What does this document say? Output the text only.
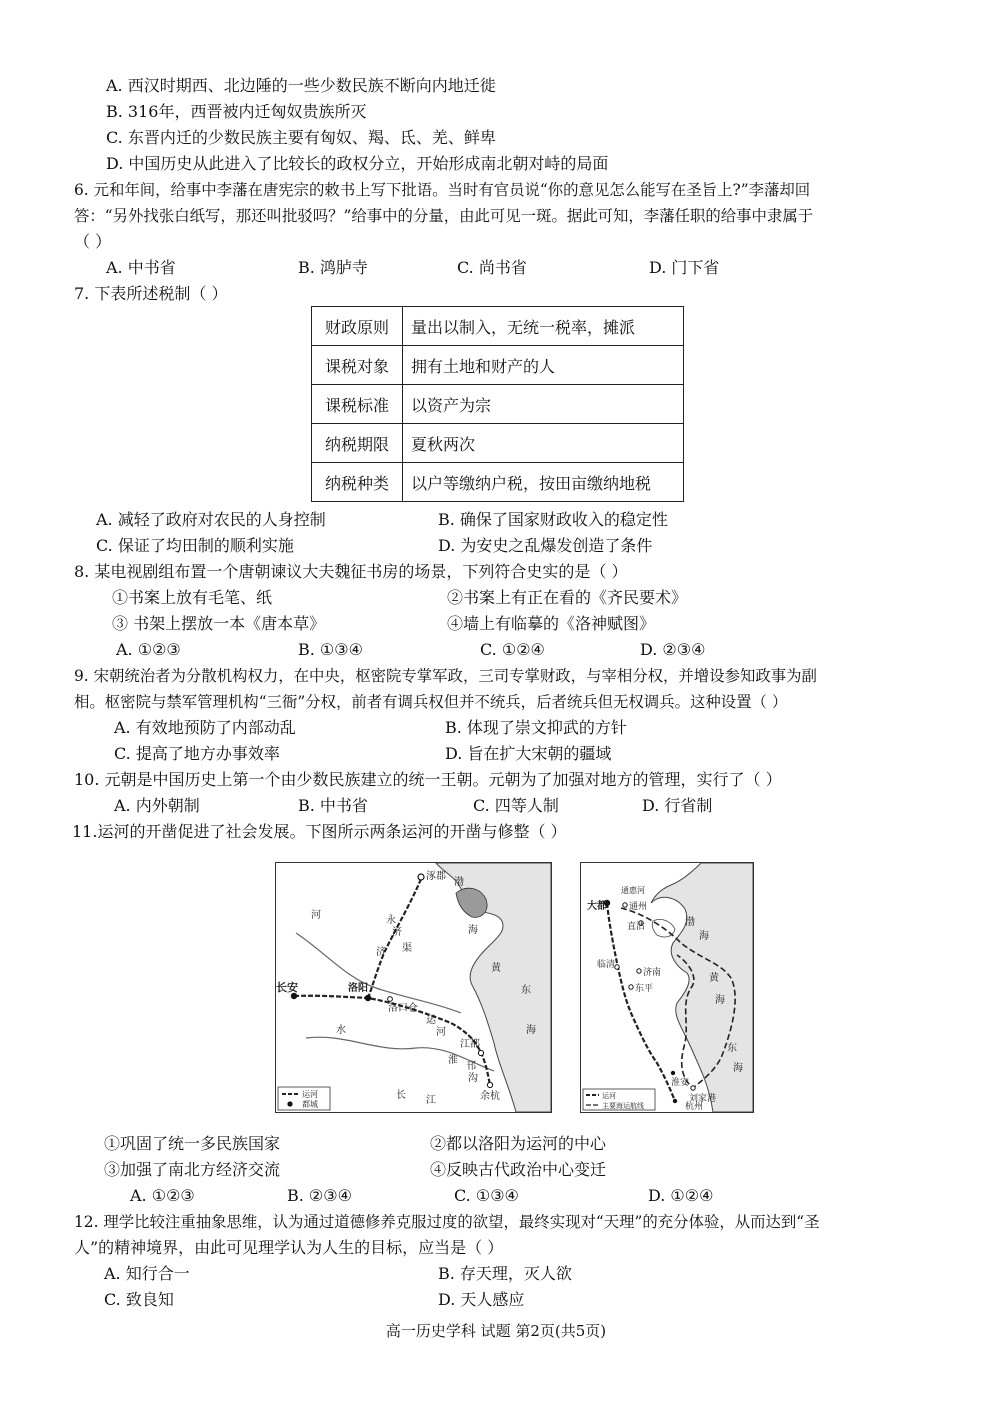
A. 西汉时期西、北边陲的一些少数民族不断向内地迁徙
B. 316年，西晋被内迁匈奴贵族所灭
C. 东晋内迁的少数民族主要有匈奴、羯、氐、羌、鲜卑
D. 中国历史从此进入了比较长的政权分立，开始形成南北朝对峙的局面
6. 元和年间，给事中李藩在唐宪宗的敕书上写下批语。当时有官员说“你的意见怎么能写在圣旨上?”李藩却回
答：“另外找张白纸写，那还叫批驳吗？”给事中的分量，由此可见一斑。据此可知，李藩任职的给事中隶属于
（ ）
A. 中书省	B. 鸿胪寺	C. 尚书省	D. 门下省
7. 下表所述税制（ ）
财政原则	量出以制入，无统一税率，摊派
课税对象	拥有土地和财产的人
课税标准	以资产为宗
纳税期限	夏秋两次
纳税种类	以户等缴纳户税，按田亩缴纳地税
A. 减轻了政府对农民的人身控制	B. 确保了国家财政收入的稳定性
C. 保证了均田制的顺利实施	D. 为安史之乱爆发创造了条件
8. 某电视剧组布置一个唐朝谏议大夫魏征书房的场景，下列符合史实的是（ ）
①书案上放有毛笔、纸	②书案上有正在看的《齐民要术》
③ 书架上摆放一本《唐本草》	④墙上有临摹的《洛神赋图》
A. ①②③	B. ①③④	C. ①②④	D. ②③④
9. 宋朝统治者为分散机构权力，在中央，枢密院专掌军政，三司专掌财政，与宰相分权，并增设参知政事为副
相。枢密院与禁军管理机构“三衙”分权，前者有调兵权但并不统兵，后者统兵但无权调兵。这种设置（ ）
A. 有效地预防了内部动乱	B. 体现了崇文抑武的方针
C. 提高了地方办事效率	D. 旨在扩大宋朝的疆域
10. 元朝是中国历史上第一个由少数民族建立的统一王朝。元朝为了加强对地方的管理，实行了（ ）
A. 内外朝制	B. 中书省	C. 四等人制	D. 行省制
11.运河的开凿促进了社会发展。下图所示两条运河的开凿与修整（ ）
涿郡
长安	洛阳
洛口仓
江都
余杭
渤
海
黄
东
海
淮
长 江
河
水
渠
济
永
济
运
河
邗
沟
运河
都城
大都 通州
直沽
临清
济南
东平
淮安
刘家港
杭州
通惠河
渤
海
黄
海
东
海
运河
主要海运航线
①巩固了统一多民族国家	②都以洛阳为运河的中心
③加强了南北方经济交流	④反映古代政治中心变迁
A. ①②③	B. ②③④	C. ①③④	D. ①②④
12. 理学比较注重抽象思维，认为通过道德修养克服过度的欲望，最终实现对“天理”的充分体验，从而达到“圣
人”的精神境界，由此可见理学认为人生的目标，应当是（ ）
A. 知行合一	B. 存天理，灭人欲
C. 致良知	D. 天人感应
高一历史学科 试题 第2页(共5页)
